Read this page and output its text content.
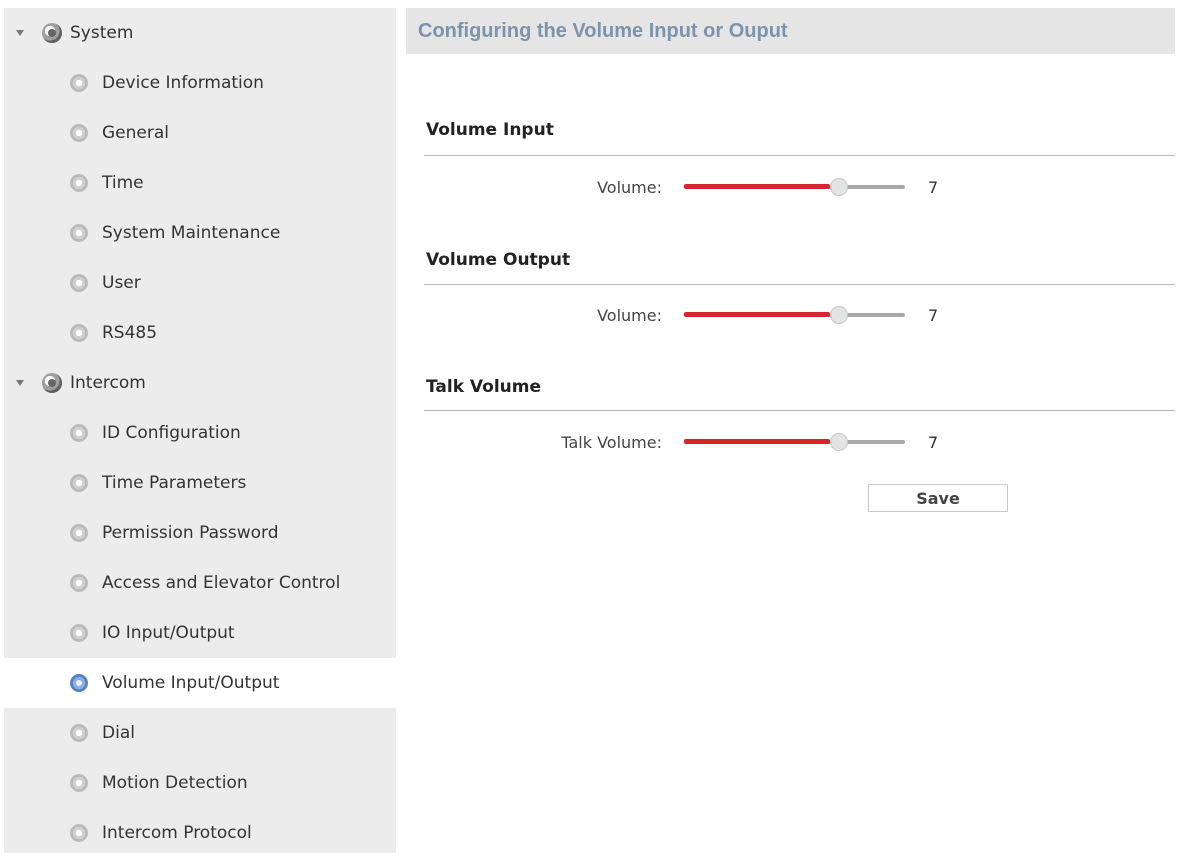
System
Device Information
General
Time
System Maintenance
User
RS485
Intercom
ID Configuration
Time Parameters
Permission Password
Access and Elevator Control
IO Input/Output
Volume Input/Output
Dial
Motion Detection
Intercom Protocol
Configuring the Volume Input or Ouput
Volume Input
Volume:	7
Volume Output
Volume:	7
Talk Volume
Talk Volume:	7
Save
